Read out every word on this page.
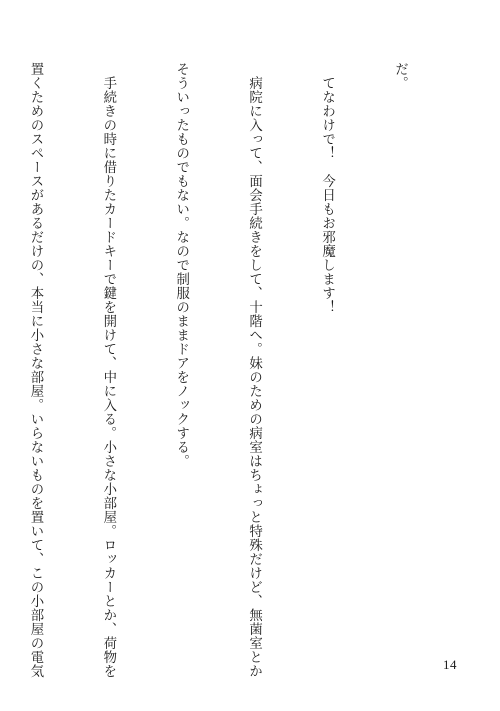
だ。

　てなわけで！　今日もお邪魔します！

　病院に入って、面会手続きをして、十階へ。妹のための病室はちょっと特殊だけど、無菌室とか

そういったものでもない。なので制服のままドアをノックする。

　手続きの時に借りたカードキーで鍵を開けて、中に入る。小さな小部屋。ロッカーとか、荷物を

置くためのスペースがあるだけの、本当に小さな部屋。いらないものを置いて、この小部屋の電気

	14
